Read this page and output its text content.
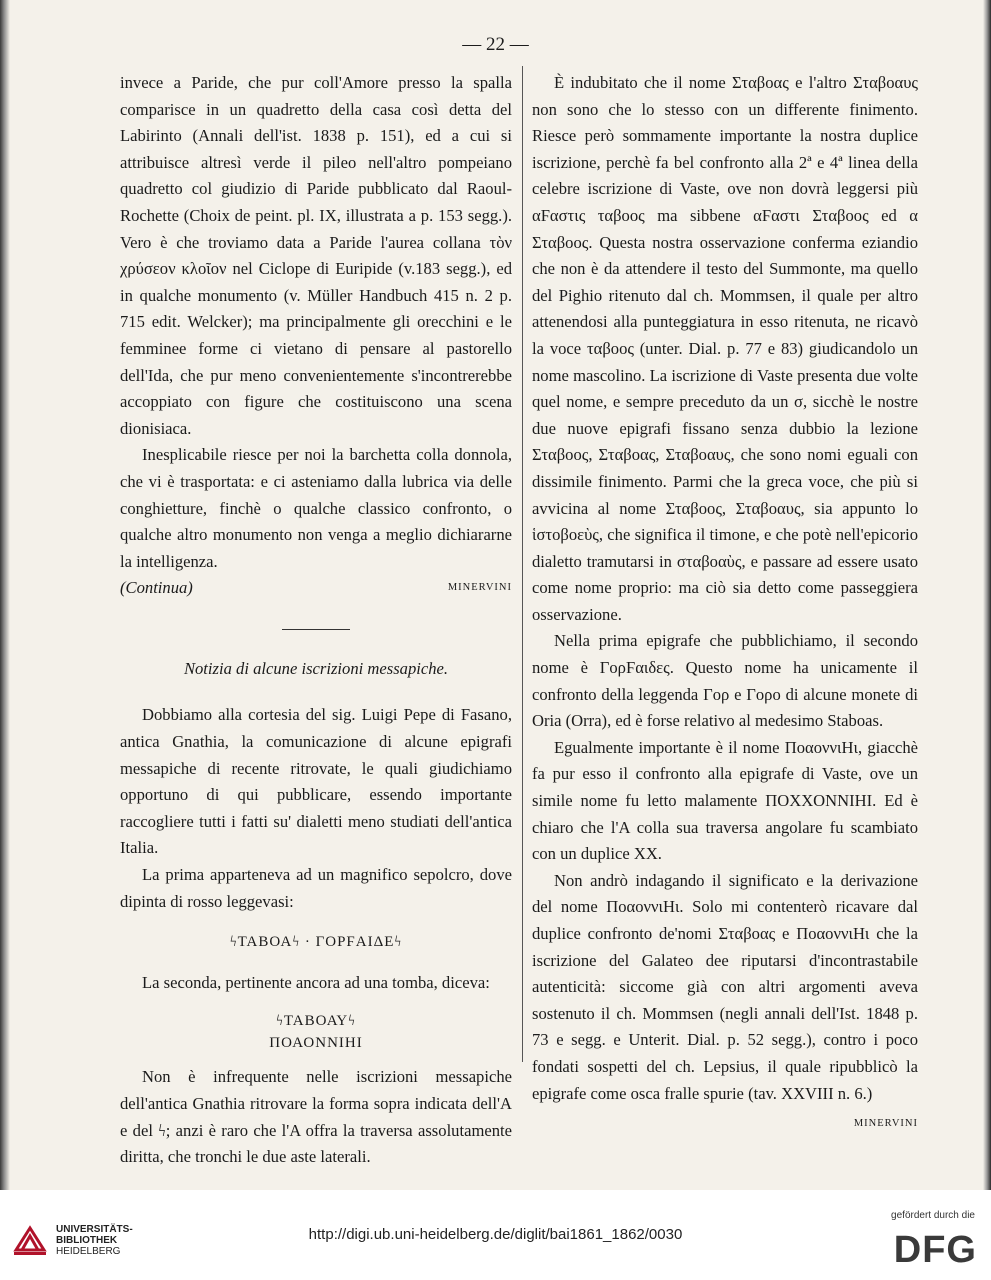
— 22 —

invece a Paride, che pur coll'Amore presso la spalla comparisce in un quadretto della casa così detta del Labirinto (Annali dell'ist. 1838 p. 151), ed a cui si attribuisce altresì verde il pileo nell'altro pompeiano quadretto col giudizio di Paride pubblicato dal Raoul-Rochette (Choix de peint. pl. IX, illustrata a p. 153 segg.). Vero è che troviamo data a Paride l'aurea collana τὸν χρύσεον κλοῖον nel Ciclope di Euripide (v.183 segg.), ed in qualche monumento (v. Müller Handbuch 415 n. 2 p. 715 edit. Welcker); ma principalmente gli orecchini e le femminee forme ci vietano di pensare al pastorello dell'Ida, che pur meno convenientemente s'incontrerebbe accoppiato con figure che costituiscono una scena dionisiaca.

Inesplicabile riesce per noi la barchetta colla donnola, che vi è trasportata: e ci asteniamo dalla lubrica via delle conghietture, finchè o qualche classico confronto, o qualche altro monumento non venga a meglio dichiararne la intelligenza.

(Continua)	MINERVINI
Notizia di alcune iscrizioni messapiche.

Dobbiamo alla cortesia del sig. Luigi Pepe di Fasano, antica Gnathia, la comunicazione di alcune epigrafi messapiche di recente ritrovate, le quali giudichiamo opportuno di qui pubblicare, essendo importante raccogliere tutti i fatti su' dialetti meno studiati dell'antica Italia.

La prima apparteneva ad un magnifico sepolcro, dove dipinta di rosso leggevasi:

ϟΤΑΒΟΑϟ · ΓΟΡϜΑΙΔΕϟ

La seconda, pertinente ancora ad una tomba, diceva:

ϟΤΑΒΟΑΥϟ
ΠΟΑΟΝΝΙΗΙ

Non è infrequente nelle iscrizioni messapiche dell'antica Gnathia ritrovare la forma sopra indicata dell'A e del ϟ; anzi è raro che l'A offra la traversa assolutamente diritta, che tronchi le due aste laterali.

È indubitato che il nome Σταβοας e l'altro Σταβοαυς non sono che lo stesso con un differente finimento. Riesce però sommamente importante la nostra duplice iscrizione, perchè fa bel confronto alla 2ª e 4ª linea della celebre iscrizione di Vaste, ove non dovrà leggersi più αϜαστις ταβοος ma sibbene αϜαστι Σταβοος ed α Σταβοος. Questa nostra osservazione conferma eziandio che non è da attendere il testo del Summonte, ma quello del Pighio ritenuto dal ch. Mommsen, il quale per altro attenendosi alla punteggiatura in esso ritenuta, ne ricavò la voce ταβοος (unter. Dial. p. 77 e 83) giudicandolo un nome mascolino. La iscrizione di Vaste presenta due volte quel nome, e sempre preceduto da un σ, sicchè le nostre due nuove epigrafi fissano senza dubbio la lezione Σταβοος, Σταβοας, Σταβοαυς, che sono nomi eguali con dissimile finimento. Parmi che la greca voce, che più si avvicina al nome Σταβοος, Σταβοαυς, sia appunto lo ἱστοβοεὺς, che significa il timone, e che potè nell'epicorio dialetto tramutarsi in σταβοαὺς, e passare ad essere usato come nome proprio: ma ciò sia detto come passeggiera osservazione.

Nella prima epigrafe che pubblichiamo, il secondo nome è ΓορϜαιδες. Questo nome ha unicamente il confronto della leggenda Γορ e Γορο di alcune monete di Oria (Orra), ed è forse relativo al medesimo Staboas.

Egualmente importante è il nome ΠοαοννιΗι, giacchè fa pur esso il confronto alla epigrafe di Vaste, ove un simile nome fu letto malamente ΠΟΧΧΟΝΝΙΗΙ. Ed è chiaro che l'A colla sua traversa angolare fu scambiato con un duplice XX.

Non andrò indagando il significato e la derivazione del nome ΠοαοννιΗι. Solo mi contenterò ricavare dal duplice confronto de'nomi Σταβοας e ΠοαοννιΗι che la iscrizione del Galateo dee riputarsi d'incontrastabile autenticità: siccome già con altri argomenti aveva sostenuto il ch. Mommsen (negli annali dell'Ist. 1848 p. 73 e segg. e Unterit. Dial. p. 52 segg.), contro i poco fondati sospetti del ch. Lepsius, il quale ripubblicò la epigrafe come osca fralle spurie (tav. XXVIII n. 6.)

MINERVINI
UNIVERSITÄTS-
BIBLIOTHEK
HEIDELBERG
http://digi.ub.uni-heidelberg.de/diglit/bai1861_1862/0030
gefördert durch die
DFG
